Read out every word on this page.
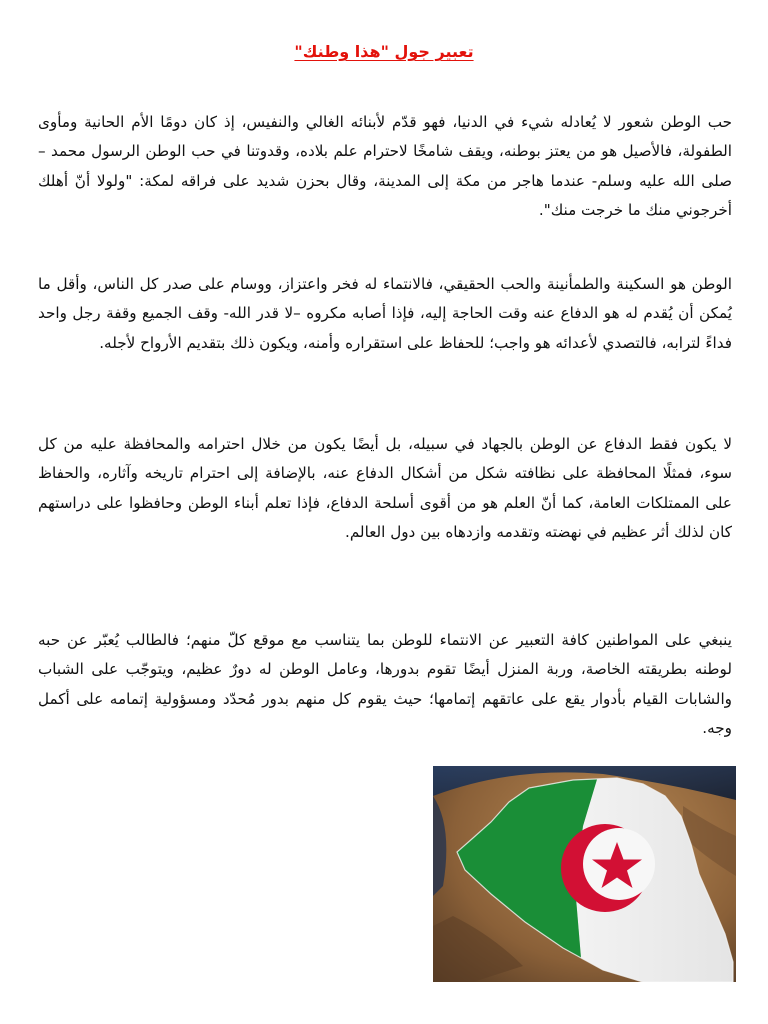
تعبير جول "هذا وطنك"

حب الوطن شعور لا يُعادله شيء في الدنيا، فهو قدّم لأبنائه الغالي والنفيس، إذ كان دومًا الأم الحانية ومأوى الطفولة، فالأصيل هو من يعتز بوطنه، ويقف شامخًا لاحترام علم بلاده، وقدوتنا في حب الوطن الرسول محمد –صلى الله عليه وسلم- عندما هاجر من مكة إلى المدينة، وقال بحزن شديد على فراقه لمكة: "ولولا أنّ أهلك أخرجوني منك ما خرجت منك".

الوطن هو السكينة والطمأنينة والحب الحقيقي، فالانتماء له فخر واعتزاز، ووسام على صدر كل الناس، وأقل ما يُمكن أن يُقدم له هو الدفاع عنه وقت الحاجة إليه، فإذا أصابه مكروه –لا قدر الله- وقف الجميع وقفة رجل واحد فداءً لترابه، فالتصدي لأعدائه هو واجب؛ للحفاظ على استقراره وأمنه، ويكون ذلك بتقديم الأرواح لأجله.

لا يكون فقط الدفاع عن الوطن بالجهاد في سبيله، بل أيضًا يكون من خلال احترامه والمحافظة عليه من كل سوء، فمثلًا المحافظة على نظافته شكل من أشكال الدفاع عنه، بالإضافة إلى احترام تاريخه وآثاره، والحفاظ على الممتلكات العامة، كما أنّ العلم هو من أقوى أسلحة الدفاع، فإذا تعلم أبناء الوطن وحافظوا على دراستهم كان لذلك أثر عظيم في نهضته وتقدمه وازدهاه بين دول العالم.

ينبغي على المواطنين كافة التعبير عن الانتماء للوطن بما يتناسب مع موقع كلّ منهم؛ فالطالب يُعبّر عن حبه لوطنه بطريقته الخاصة، وربة المنزل أيضًا تقوم بدورها، وعامل الوطن له دورٌ عظيم، ويتوجّب على الشباب والشابات القيام بأدوار يقع على عاتقهم إتمامها؛ حيث يقوم كل منهم بدور مُحدّد ومسؤولية إتمامه على أكمل وجه.
